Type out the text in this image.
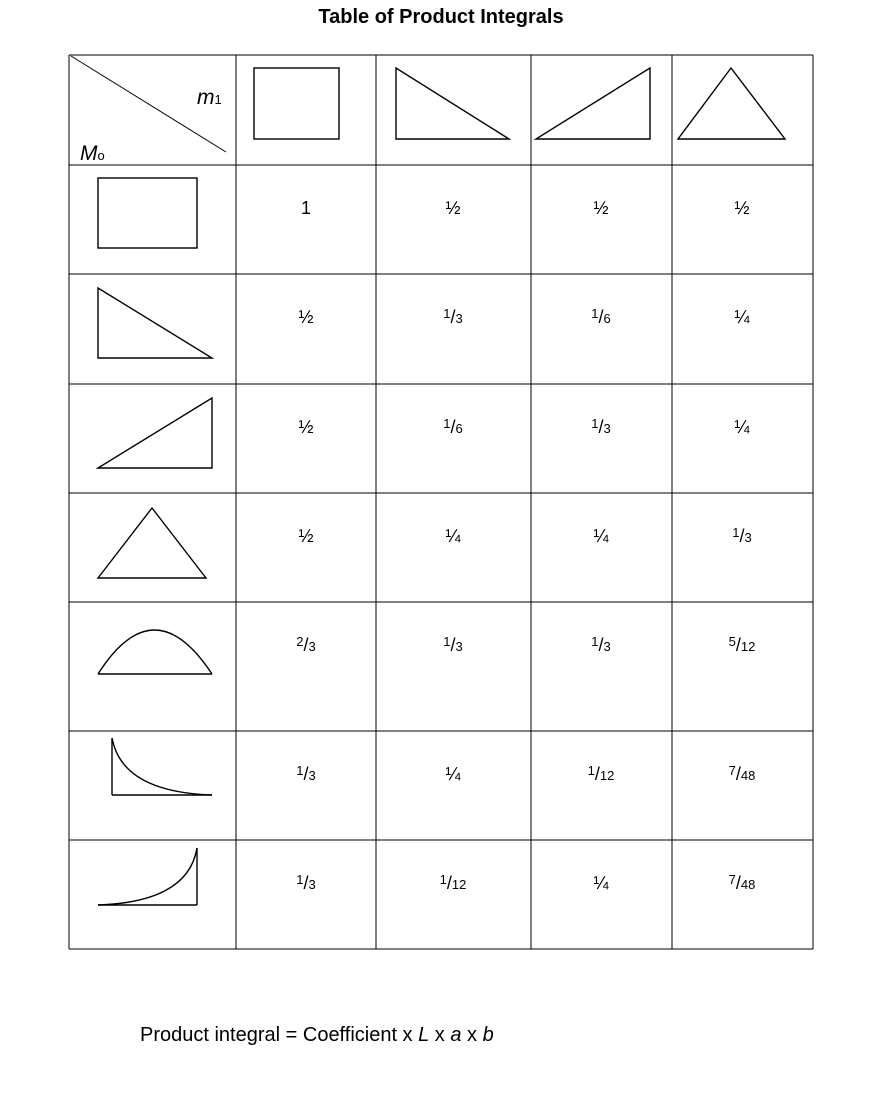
Table of Product Integrals
m1
Mo
1	½	½	½
½	$^1$/3	$^1$/6	¼
½	$^1$/6	$^1$/3	¼
½	¼	¼	$^1$/3
$^2$/3	$^1$/3	$^1$/3	$^5$/12
$^1$/3	¼	$^1$/12	$^7$/48
$^1$/3	$^1$/12	¼	$^7$/48
Product integral = Coefficient x L x a x b
